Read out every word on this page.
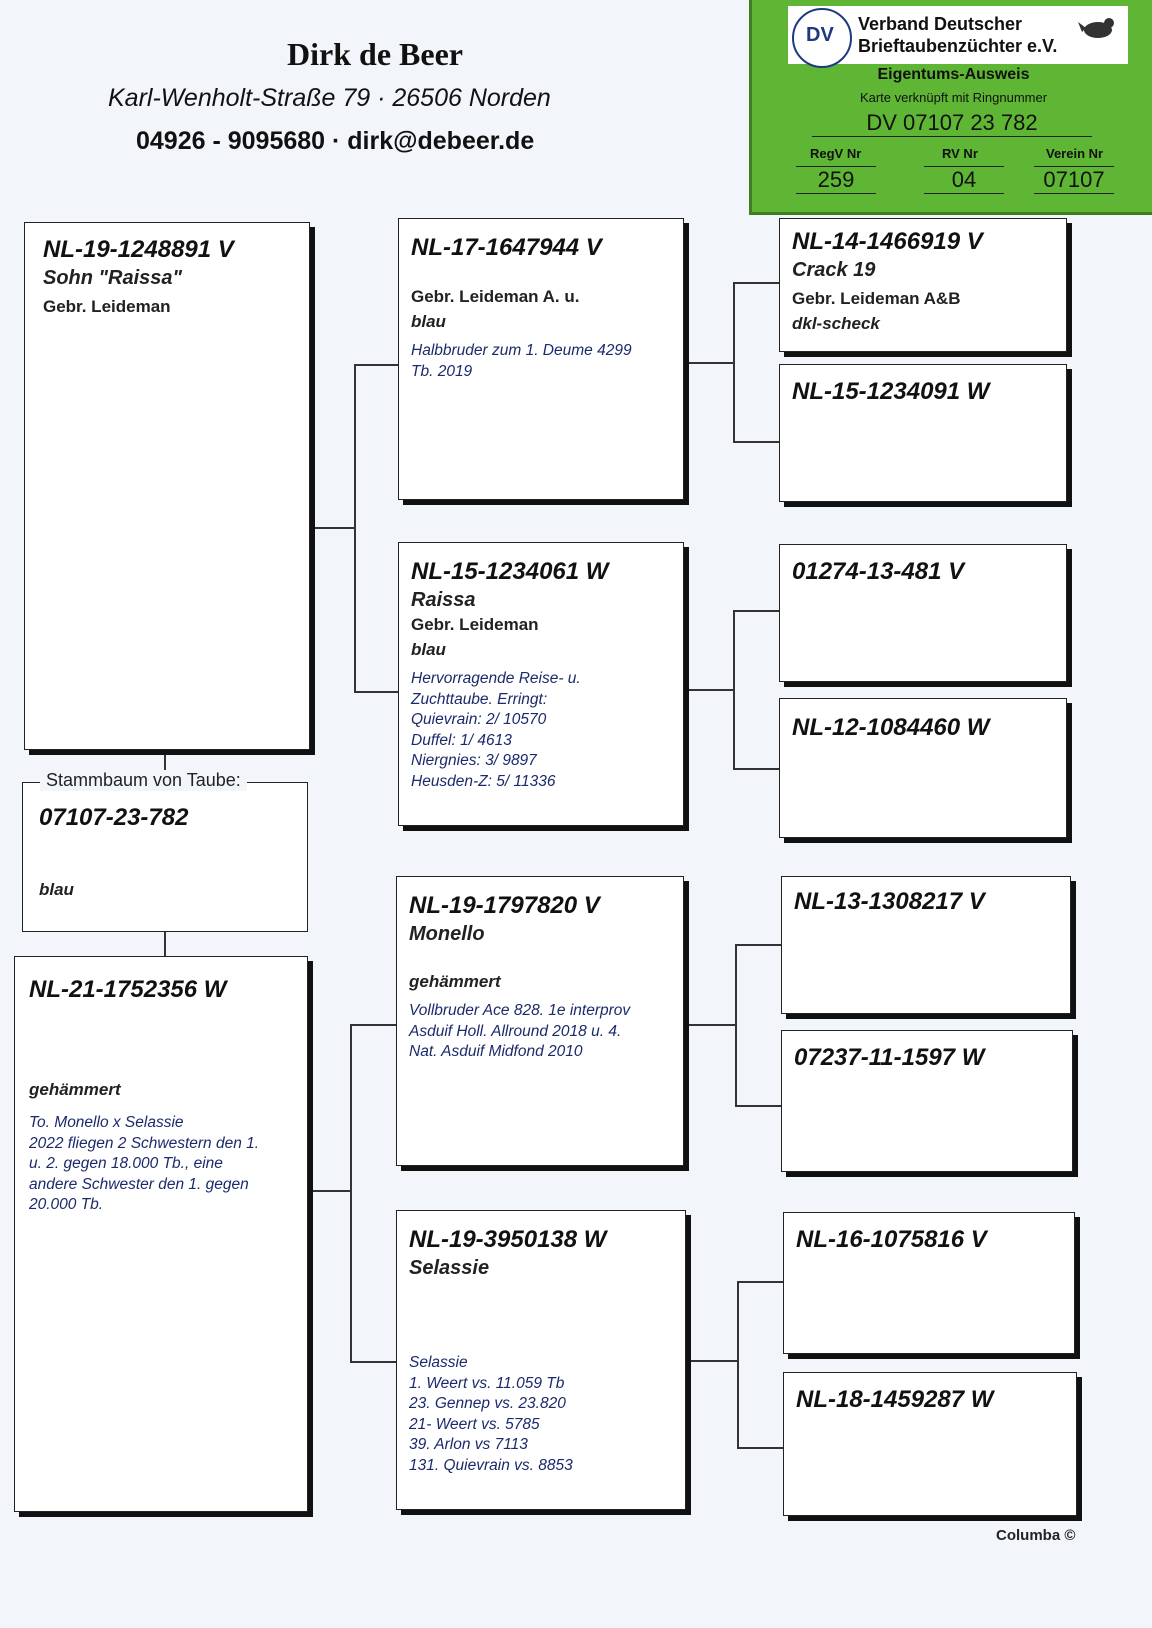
Dirk de Beer
Karl-Wenholt-Straße 79 · 26506 Norden
04926 - 9095680 · dirk@debeer.de
DV Verband Deutscher
Brieftaubenzüchter e.V.
Eigentums-Ausweis
Karte verknüpft mit Ringnummer
DV 07107 23 782
RegV Nr	RV Nr	Verein Nr
259	04	07107
NL-19-1248891 V
Sohn "Raissa"
Gebr. Leideman
07107-23-782
blau
Stammbaum von Taube:
NL-21-1752356 W
gehämmert
To. Monello x Selassie
2022 fliegen 2 Schwestern den 1.
u. 2. gegen 18.000 Tb., eine
andere Schwester den 1. gegen
20.000 Tb.
NL-17-1647944 V
Gebr. Leideman A. u.
blau
Halbbruder zum 1. Deume 4299
Tb. 2019
NL-15-1234061 W
Raissa
Gebr. Leideman
blau
Hervorragende Reise- u.
Zuchttaube. Erringt:
Quievrain: 2/ 10570
Duffel: 1/ 4613
Niergnies: 3/ 9897
Heusden-Z: 5/ 11336
NL-19-1797820 V
Monello
gehämmert
Vollbruder Ace 828. 1e interprov
Asduif Holl. Allround 2018 u. 4.
Nat. Asduif Midfond 2010
NL-19-3950138 W
Selassie
Selassie
1. Weert vs. 11.059 Tb
23. Gennep vs. 23.820
21- Weert vs. 5785
39. Arlon vs 7113
131. Quievrain vs. 8853
NL-14-1466919 V
Crack 19
Gebr. Leideman A&B
dkl-scheck
NL-15-1234091 W
01274-13-481 V
NL-12-1084460 W
NL-13-1308217 V
07237-11-1597 W
NL-16-1075816 V
NL-18-1459287 W
Columba ©
